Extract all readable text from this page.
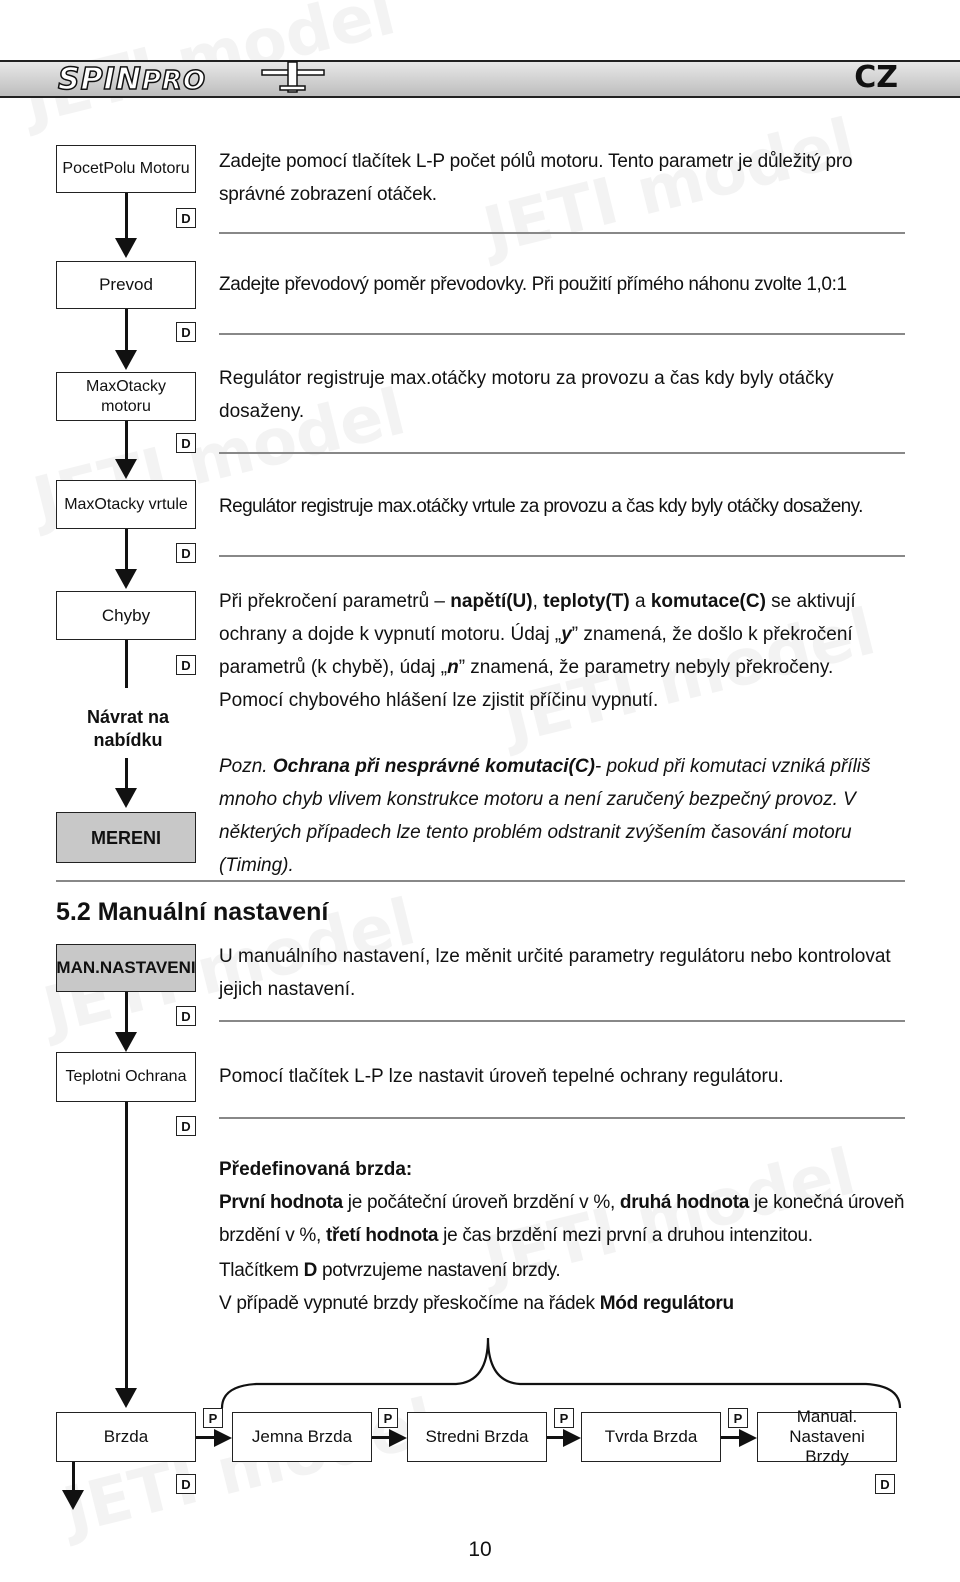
SPINPRO	CZ
PocetPolu Motoru
D
Prevod
D
MaxOtacky motoru
D
MaxOtacky vrtule
D
Chyby
D
Návrat na
nabídku
MERENI
Zadejte pomocí tlačítek L-P počet pólů motoru. Tento parametr je důležitý pro správné zobrazení otáček.
Zadejte převodový poměr převodovky. Při použití přímého náhonu zvolte 1,0:1
Regulátor registruje max.otáčky motoru za provozu a čas kdy byly otáčky dosaženy.
Regulátor registruje max.otáčky vrtule za provozu a čas kdy byly otáčky dosaženy.
Při překročení parametrů – napětí(U), teploty(T) a komutace(C) se aktivují ochrany a dojde k vypnutí motoru. Údaj „y” znamená, že došlo k překročení parametrů (k chybě), údaj „n” znamená, že parametry nebyly překročeny.
Pomocí chybového hlášení lze zjistit příčinu vypnutí.
Pozn. Ochrana při nesprávné komutaci(C)- pokud při komutaci vzniká příliš mnoho chyb vlivem konstrukce motoru a není zaručený bezpečný provoz. V některých případech lze tento problém odstranit zvýšením časování motoru (Timing).
5.2 Manuální nastavení
MAN.NASTAVENI
D
Teplotni Ochrana
D
U manuálního nastavení, lze měnit určité parametry regulátoru nebo kontrolovat jejich nastavení.
Pomocí tlačítek L-P lze nastavit úroveň tepelné ochrany regulátoru.
Předefinovaná brzda:
První hodnota je počáteční úroveň brzdění v %, druhá hodnota je konečná úroveň brzdění v %, třetí hodnota je čas brzdění mezi první a druhou intenzitou.
Tlačítkem D potvrzujeme nastavení brzdy.
V případě vypnuté brzdy přeskočíme na řádek Mód regulátoru
Brzda	Jemna Brzda	Stredni Brzda	Tvrda Brzda
Manual. Nastaveni
Brzdy
P	P	P	P
D	D
10
